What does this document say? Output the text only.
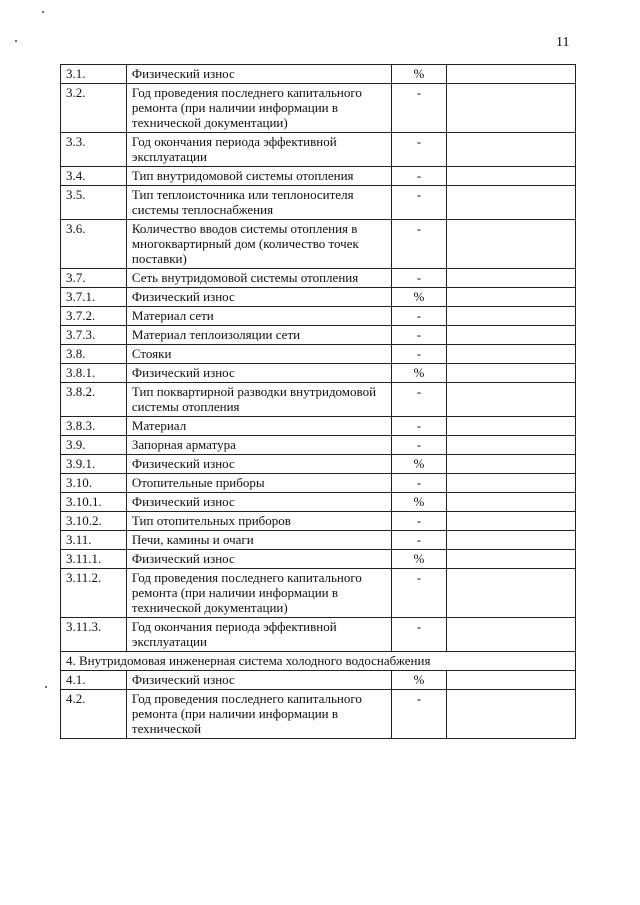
11
3.1.	Физический износ	%	
3.2.	Год проведения последнего капитального ремонта (при наличии информации в технической документации)	-	
3.3.	Год окончания периода эффективной эксплуатации	-	
3.4.	Тип внутридомовой системы отопления	-	
3.5.	Тип теплоисточника или теплоносителя системы теплоснабжения	-	
3.6.	Количество вводов системы отопления в многоквартирный дом (количество точек поставки)	-	
3.7.	Сеть внутридомовой системы отопления	-	
3.7.1.	Физический износ	%	
3.7.2.	Материал сети	-	
3.7.3.	Материал теплоизоляции сети	-	
3.8.	Стояки	-	
3.8.1.	Физический износ	%	
3.8.2.	Тип поквартирной разводки внутридомовой системы отопления	-	
3.8.3.	Материал	-	
3.9.	Запорная арматура	-	
3.9.1.	Физический износ	%	
3.10.	Отопительные приборы	-	
3.10.1.	Физический износ	%	
3.10.2.	Тип отопительных приборов	-	
3.11.	Печи, камины и очаги	-	
3.11.1.	Физический износ	%	
3.11.2.	Год проведения последнего капитального ремонта (при наличии информации в технической документации)	-	
3.11.3.	Год окончания периода эффективной эксплуатации	-	
4. Внутридомовая инженерная система холодного водоснабжения			
4.1.	Физический износ	%	
4.2.	Год проведения последнего капитального ремонта (при наличии информации в технической	-	
